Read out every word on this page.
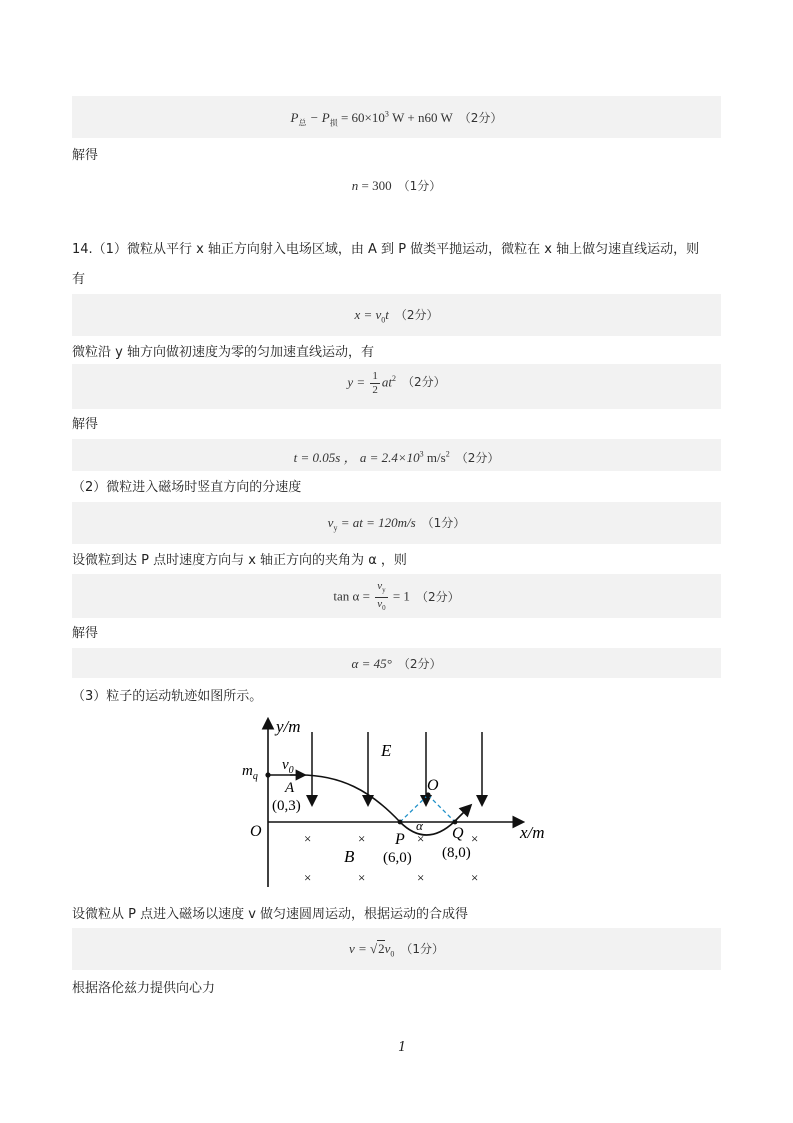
$P_总 - P_损 = 60\times 10^3$ W + n60 W （2分）
解得
n = 300 （1分）
14.（1）微粒从平行 x 轴正方向射入电场区域，由 A 到 P 做类平抛运动，微粒在 x 轴上做匀速直线运动，则
有
$x = v_0t$ （2分）
微粒沿 y 轴方向做初速度为零的匀加速直线运动，有
$y = \frac{1}{2} at^2$ （2分）
解得
t = 0.05s ， $a = 2.4\times 10^3$ $m/s^2$ （2分）
（2）微粒进入磁场时竖直方向的分速度
$v_y$ = at = 120m/s （1分）
设微粒到达 P 点时速度方向与 x 轴正方向的夹角为 α ，则
$\tan \alpha = \frac{v_y}{v_0} = 1$ （2分）
解得
α = 45° （2分）
（3）粒子的运动轨迹如图所示。
y/m
x/m
O
E
$m_q$
$v_0$
A
(0,3)
O
α
P
(6,0)
Q
(8,0)
B
×	×	×	×
×	×	×	×
设微粒从 P 点进入磁场以速度 v 做匀速圆周运动，根据运动的合成得
$v = √2v_0$ （1分）
根据洛伦兹力提供向心力
1
